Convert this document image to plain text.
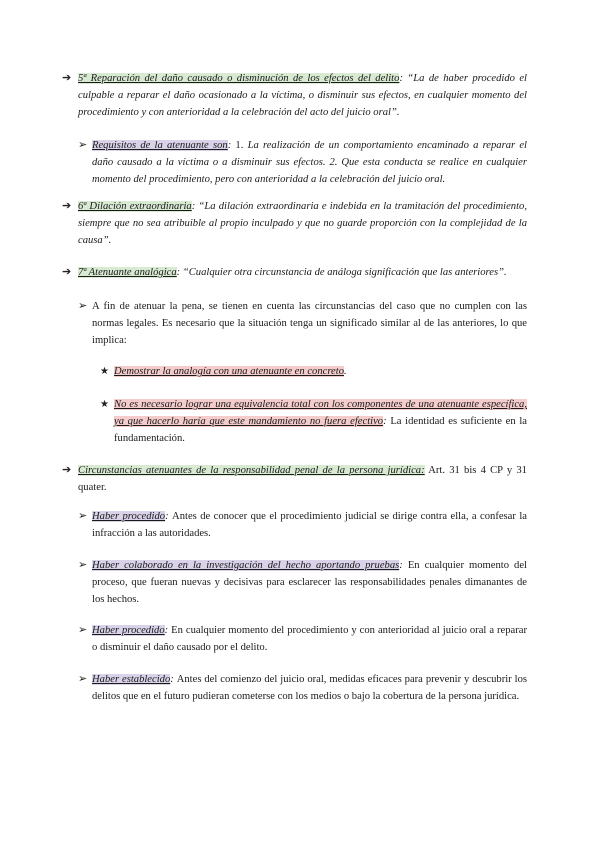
➔ 5ª Reparación del daño causado o disminución de los efectos del delito: “La de haber procedido el culpable a reparar el daño ocasionado a la víctima, o disminuir sus efectos, en cualquier momento del procedimiento y con anterioridad a la celebración del acto del juicio oral”.
➢ Requisitos de la atenuante son: 1. La realización de un comportamiento encaminado a reparar el daño causado a la víctima o a disminuir sus efectos. 2. Que esta conducta se realice en cualquier momento del procedimiento, pero con anterioridad a la celebración del juicio oral.
➔ 6ª Dilación extraordinaria: “La dilación extraordinaria e indebida en la tramitación del procedimiento, siempre que no sea atribuible al propio inculpado y que no guarde proporción con la complejidad de la causa”.
➔ 7ª Atenuante analógica: “Cualquier otra circunstancia de análoga significación que las anteriores”.
➢ A fin de atenuar la pena, se tienen en cuenta las circunstancias del caso que no cumplen con las normas legales. Es necesario que la situación tenga un significado similar al de las anteriores, lo que implica:
★ Demostrar la analogía con una atenuante en concreto.
★ No es necesario lograr una equivalencia total con los componentes de una atenuante específica, ya que hacerlo haría que este mandamiento no fuera efectivo: La identidad es suficiente en la fundamentación.
➔ Circunstancias atenuantes de la responsabilidad penal de la persona jurídica: Art. 31 bis 4 CP y 31 quater.
➢ Haber procedido: Antes de conocer que el procedimiento judicial se dirige contra ella, a confesar la infracción a las autoridades.
➢ Haber colaborado en la investigación del hecho aportando pruebas: En cualquier momento del proceso, que fueran nuevas y decisivas para esclarecer las responsabilidades penales dimanantes de los hechos.
➢ Haber procedido: En cualquier momento del procedimiento y con anterioridad al juicio oral a reparar o disminuir el daño causado por el delito.
➢ Haber establecido: Antes del comienzo del juicio oral, medidas eficaces para prevenir y descubrir los delitos que en el futuro pudieran cometerse con los medios o bajo la cobertura de la persona jurídica.
